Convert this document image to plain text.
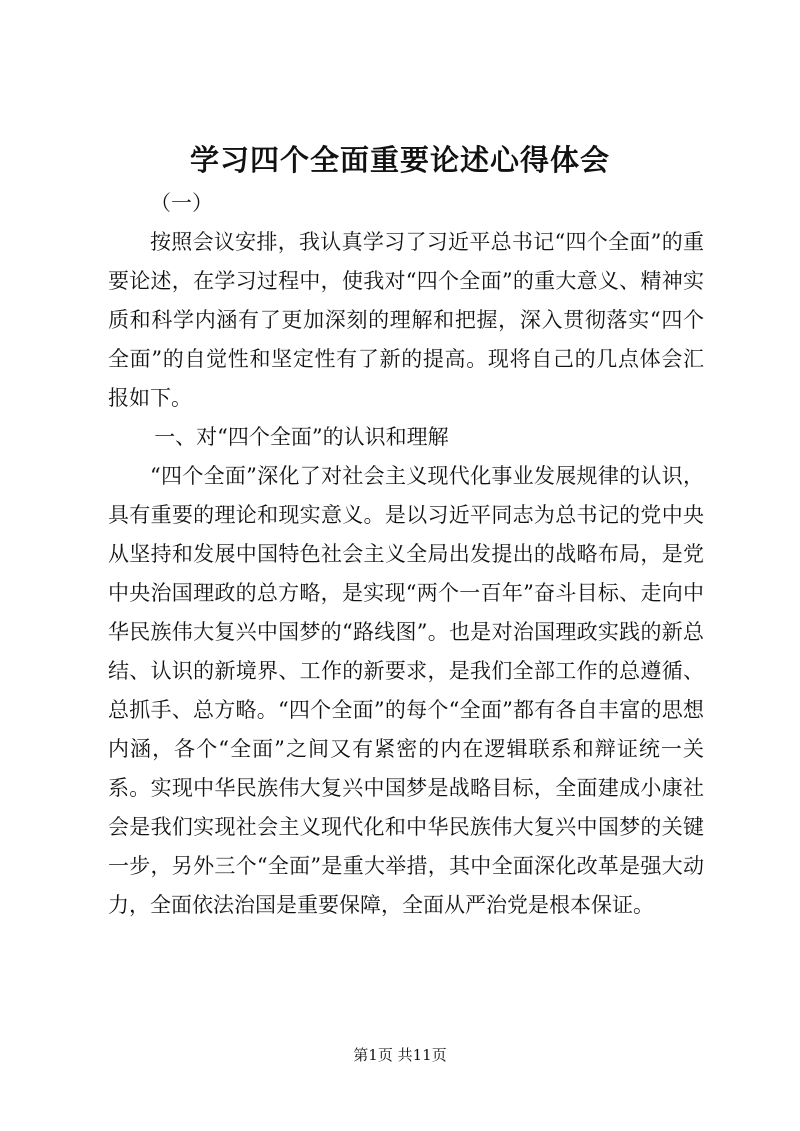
学习四个全面重要论述心得体会

（一）

按照会议安排，我认真学习了习近平总书记“四个全面”的重要论述，在学习过程中，使我对“四个全面”的重大意义、精神实质和科学内涵有了更加深刻的理解和把握，深入贯彻落实“四个全面”的自觉性和坚定性有了新的提高。现将自己的几点体会汇报如下。

一、对“四个全面”的认识和理解

“四个全面”深化了对社会主义现代化事业发展规律的认识，具有重要的理论和现实意义。是以习近平同志为总书记的党中央从坚持和发展中国特色社会主义全局出发提出的战略布局，是党中央治国理政的总方略，是实现“两个一百年”奋斗目标、走向中华民族伟大复兴中国梦的“路线图”。也是对治国理政实践的新总结、认识的新境界、工作的新要求，是我们全部工作的总遵循、总抓手、总方略。“四个全面”的每个“全面”都有各自丰富的思想内涵，各个“全面”之间又有紧密的内在逻辑联系和辩证统一关系。实现中华民族伟大复兴中国梦是战略目标，全面建成小康社会是我们实现社会主义现代化和中华民族伟大复兴中国梦的关键一步，另外三个“全面”是重大举措，其中全面深化改革是强大动力，全面依法治国是重要保障，全面从严治党是根本保证。

第1页 共11页
